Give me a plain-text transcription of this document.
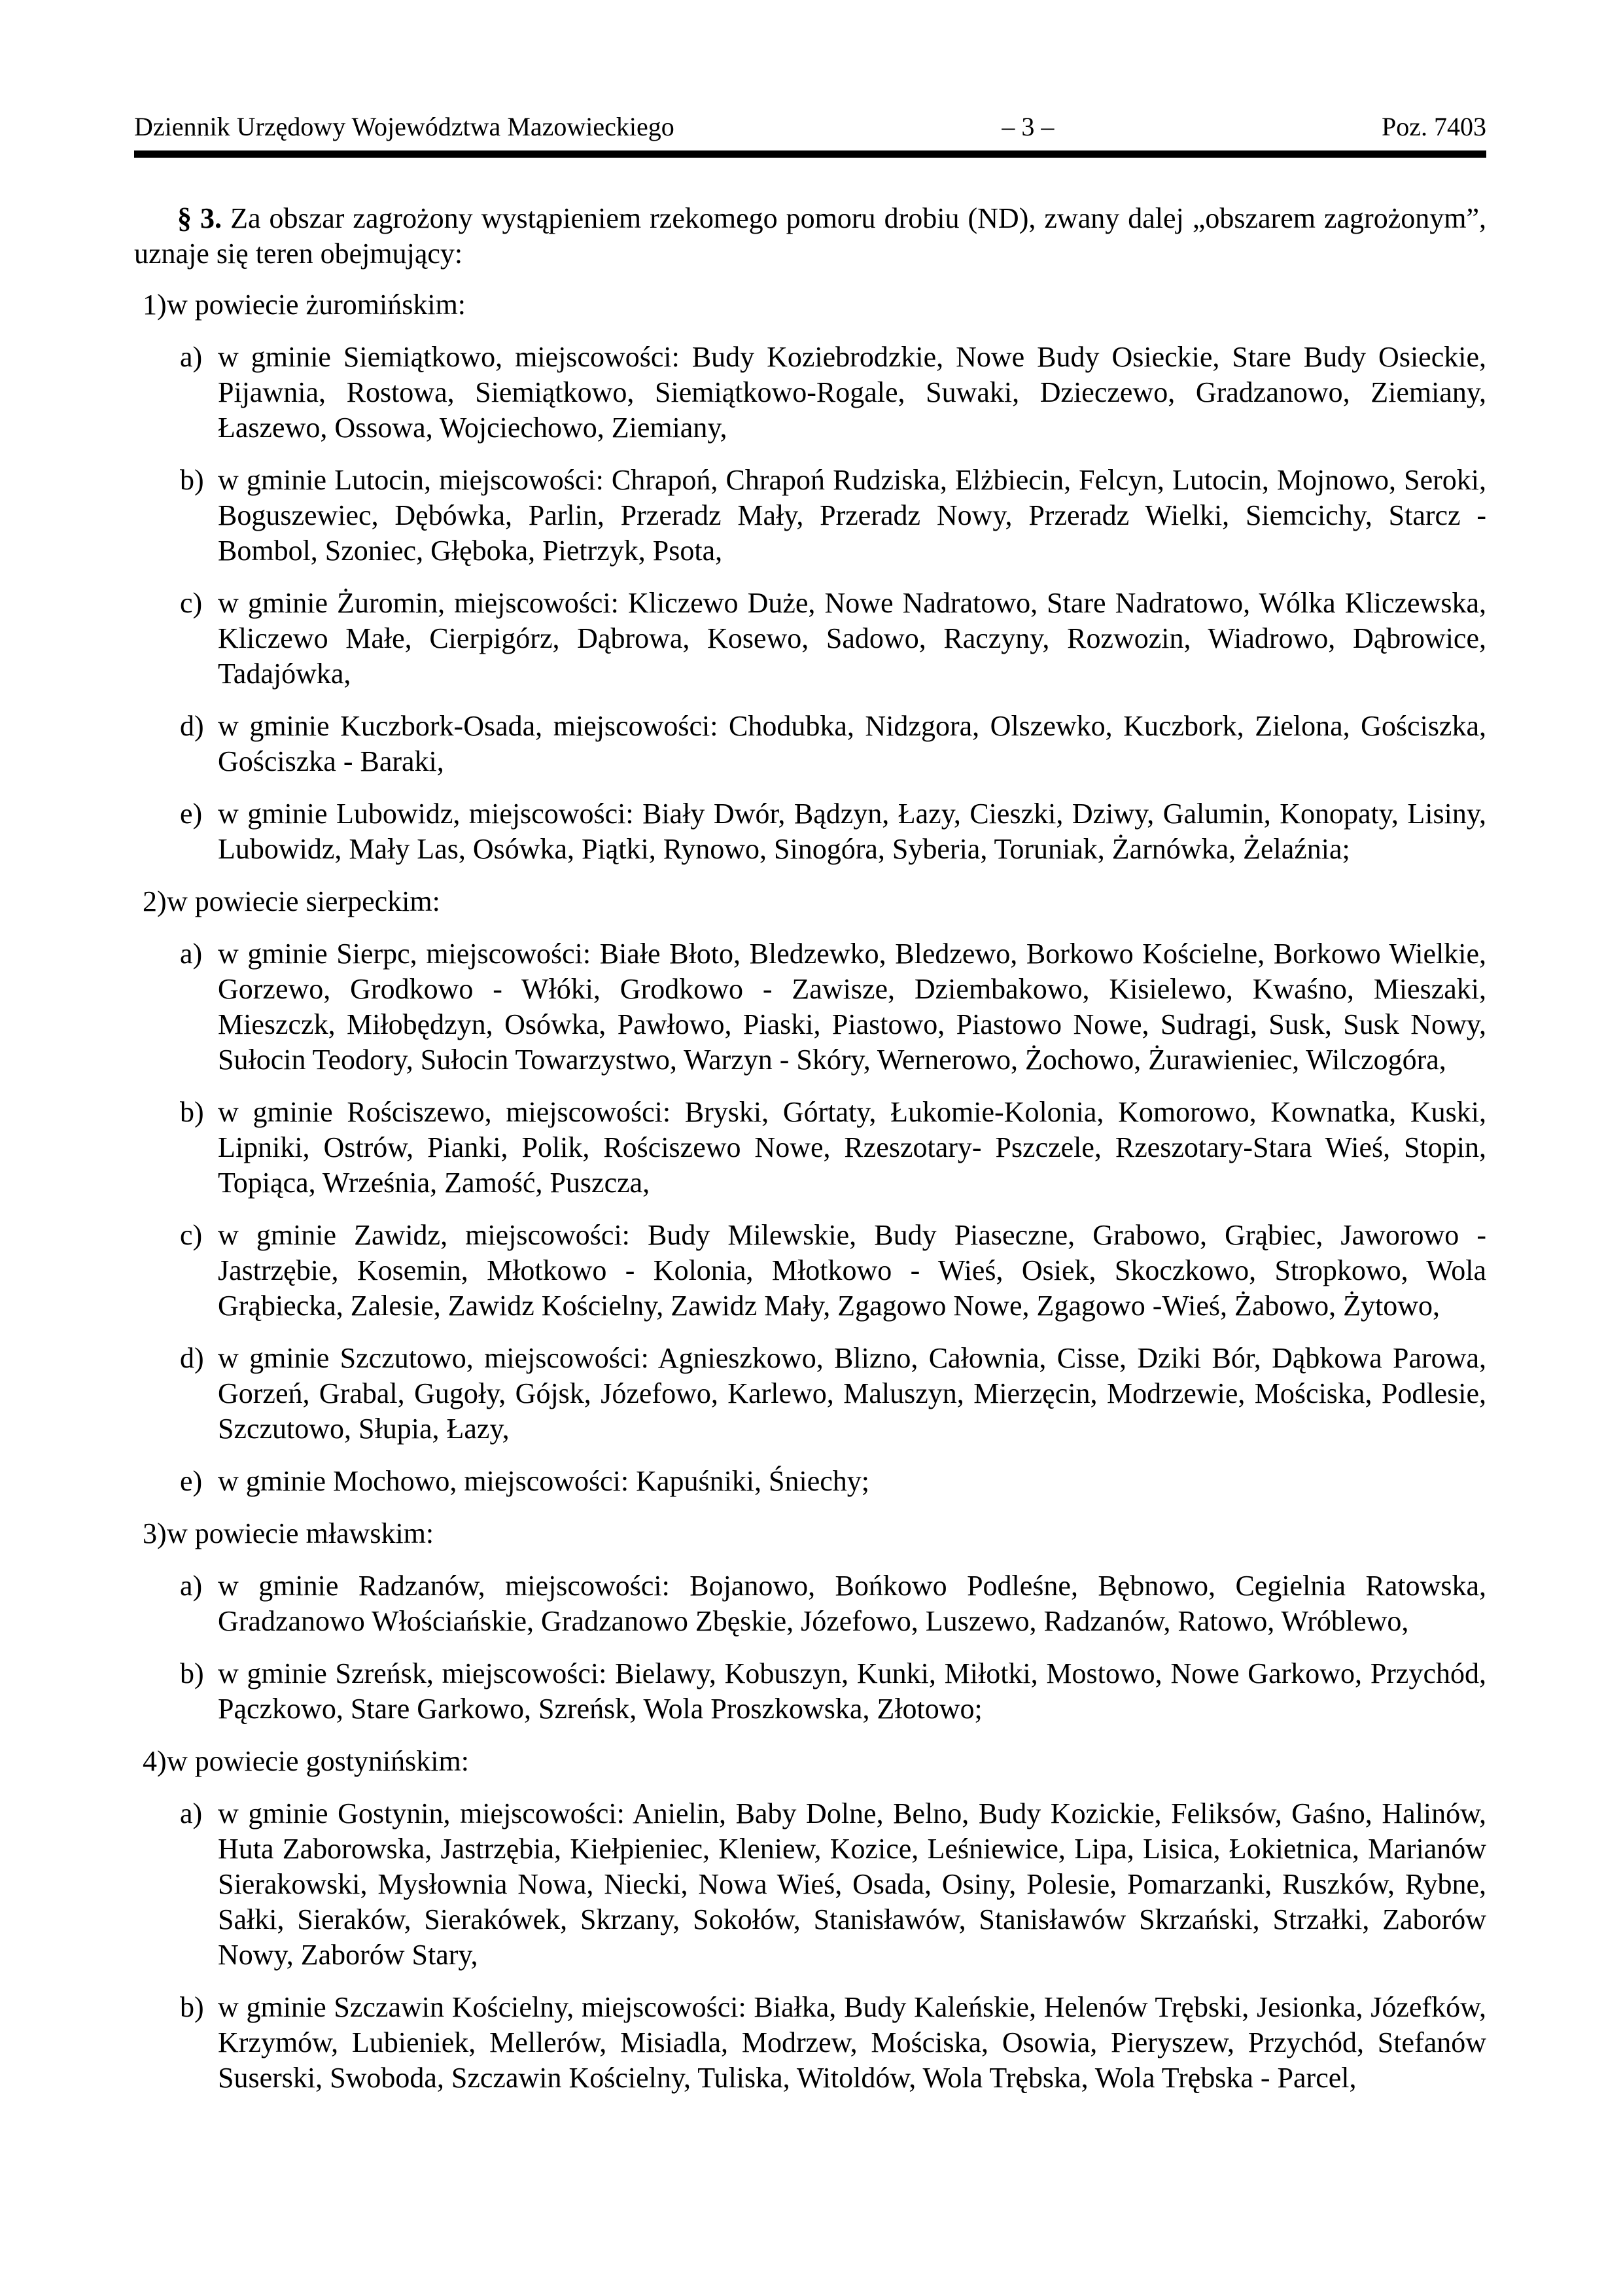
Dziennik Urzędowy Województwa Mazowieckiego	– 3 –	Poz. 7403

§ 3. Za obszar zagrożony wystąpieniem rzekomego pomoru drobiu (ND), zwany dalej „obszarem zagrożonym”, uznaje się teren obejmujący:

1) w powiecie żuromińskim:
a) w gminie Siemiątkowo, miejscowości: Budy Koziebrodzkie, Nowe Budy Osieckie, Stare Budy Osieckie, Pijawnia, Rostowa, Siemiątkowo, Siemiątkowo-Rogale, Suwaki, Dzieczewo, Gradzanowo, Ziemiany, Łaszewo, Ossowa, Wojciechowo, Ziemiany,
b) w gminie Lutocin, miejscowości: Chrapoń, Chrapoń Rudziska, Elżbiecin, Felcyn, Lutocin, Mojnowo, Seroki, Boguszewiec, Dębówka, Parlin, Przeradz Mały, Przeradz Nowy, Przeradz Wielki, Siemcichy, Starcz - Bombol, Szoniec, Głęboka, Pietrzyk, Psota,
c) w gminie Żuromin, miejscowości: Kliczewo Duże, Nowe Nadratowo, Stare Nadratowo, Wólka Kliczewska, Kliczewo Małe, Cierpigórz, Dąbrowa, Kosewo, Sadowo, Raczyny, Rozwozin, Wiadrowo, Dąbrowice, Tadajówka,
d) w gminie Kuczbork-Osada, miejscowości: Chodubka, Nidzgora, Olszewko, Kuczbork, Zielona, Gościszka, Gościszka - Baraki,
e) w gminie Lubowidz, miejscowości: Biały Dwór, Bądzyn, Łazy, Cieszki, Dziwy, Galumin, Konopaty, Lisiny, Lubowidz, Mały Las, Osówka, Piątki, Rynowo, Sinogóra, Syberia, Toruniak, Żarnówka, Żelaźnia;
2) w powiecie sierpeckim:
a) w gminie Sierpc, miejscowości: Białe Błoto, Bledzewko, Bledzewo, Borkowo Kościelne, Borkowo Wielkie, Gorzewo, Grodkowo - Włóki, Grodkowo - Zawisze, Dziembakowo, Kisielewo, Kwaśno, Mieszaki, Mieszczk, Miłobędzyn, Osówka, Pawłowo, Piaski, Piastowo, Piastowo Nowe, Sudragi, Susk, Susk Nowy, Sułocin Teodory, Sułocin Towarzystwo, Warzyn - Skóry, Wernerowo, Żochowo, Żurawieniec, Wilczogóra,
b) w gminie Rościszewo, miejscowości: Bryski, Górtaty, Łukomie-Kolonia, Komorowo, Kownatka, Kuski, Lipniki, Ostrów, Pianki, Polik, Rościszewo Nowe, Rzeszotary- Pszczele, Rzeszotary-Stara Wieś, Stopin, Topiąca, Września, Zamość, Puszcza,
c) w gminie Zawidz, miejscowości: Budy Milewskie, Budy Piaseczne, Grabowo, Grąbiec, Jaworowo - Jastrzębie, Kosemin, Młotkowo - Kolonia, Młotkowo - Wieś, Osiek, Skoczkowo, Stropkowo, Wola Grąbiecka, Zalesie, Zawidz Kościelny, Zawidz Mały, Zgagowo Nowe, Zgagowo -Wieś, Żabowo, Żytowo,
d) w gminie Szczutowo, miejscowości: Agnieszkowo, Blizno, Całownia, Cisse, Dziki Bór, Dąbkowa Parowa, Gorzeń, Grabal, Gugoły, Gójsk, Józefowo, Karlewo, Maluszyn, Mierzęcin, Modrzewie, Mościska, Podlesie, Szczutowo, Słupia, Łazy,
e) w gminie Mochowo, miejscowości: Kapuśniki, Śniechy;
3) w powiecie mławskim:
a) w gminie Radzanów, miejscowości: Bojanowo, Bońkowo Podleśne, Bębnowo, Cegielnia Ratowska, Gradzanowo Włościańskie, Gradzanowo Zbęskie, Józefowo, Luszewo, Radzanów, Ratowo, Wróblewo,
b) w gminie Szreńsk, miejscowości: Bielawy, Kobuszyn, Kunki, Miłotki, Mostowo, Nowe Garkowo, Przychód, Pączkowo, Stare Garkowo, Szreńsk, Wola Proszkowska, Złotowo;
4) w powiecie gostynińskim:
a) w gminie Gostynin, miejscowości: Anielin, Baby Dolne, Belno, Budy Kozickie, Feliksów, Gaśno, Halinów, Huta Zaborowska, Jastrzębia, Kiełpieniec, Kleniew, Kozice, Leśniewice, Lipa, Lisica, Łokietnica, Marianów Sierakowski, Mysłownia Nowa, Niecki, Nowa Wieś, Osada, Osiny, Polesie, Pomarzanki, Ruszków, Rybne, Sałki, Sieraków, Sierakówek, Skrzany, Sokołów, Stanisławów, Stanisławów Skrzański, Strzałki, Zaborów Nowy, Zaborów Stary,
b) w gminie Szczawin Kościelny, miejscowości: Białka, Budy Kaleńskie, Helenów Trębski, Jesionka, Józefków, Krzymów, Lubieniek, Mellerów, Misiadla, Modrzew, Mościska, Osowia, Pieryszew, Przychód, Stefanów Suserski, Swoboda, Szczawin Kościelny, Tuliska, Witoldów, Wola Trębska, Wola Trębska - Parcel,
